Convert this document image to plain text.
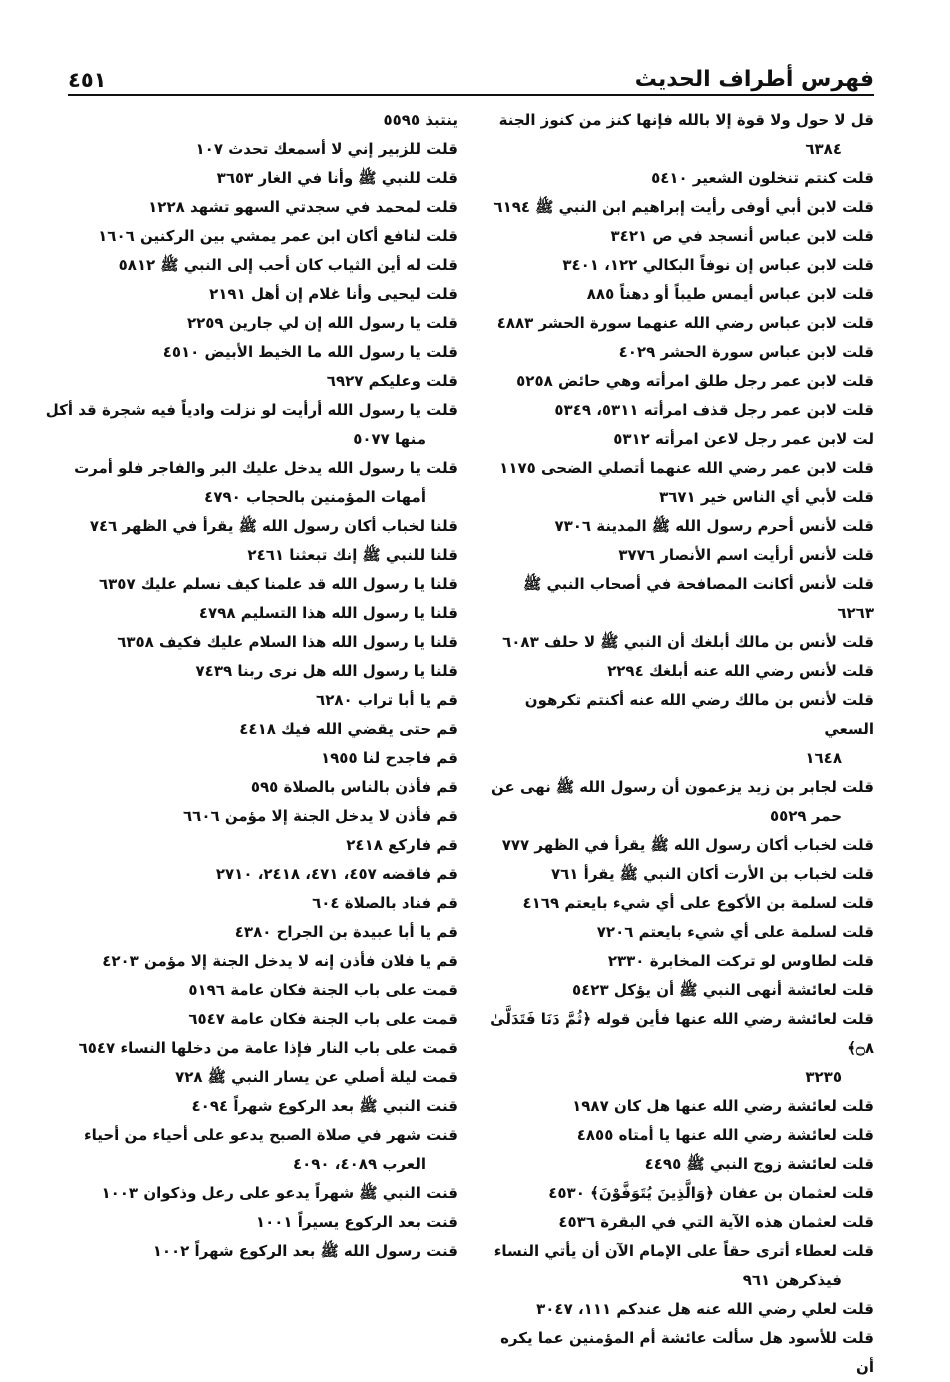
فهرس أطراف الحديث
٤٥١
قل لا حول ولا قوة إلا بالله فإنها كنز من كنوز الجنة
٦٣٨٤
قلت كنتم تنخلون الشعير ٥٤١٠
قلت لابن أبي أوفى رأيت إبراهيم ابن النبي ﷺ ٦١٩٤
قلت لابن عباس أنسجد في ص ٣٤٢١
قلت لابن عباس إن نوفاً البكالي ١٢٢، ٣٤٠١
قلت لابن عباس أيمس طيباً أو دهناً ٨٨٥
قلت لابن عباس رضي الله عنهما سورة الحشر ٤٨٨٣
قلت لابن عباس سورة الحشر ٤٠٢٩
قلت لابن عمر رجل طلق امرأته وهي حائض ٥٢٥٨
قلت لابن عمر رجل قذف امرأته ٥٣١١، ٥٣٤٩
لت لابن عمر رجل لاعن امرأته ٥٣١٢
قلت لابن عمر رضي الله عنهما أتصلي الضحى ١١٧٥
قلت لأبي أي الناس خير ٣٦٧١
قلت لأنس أحرم رسول الله ﷺ المدينة ٧٣٠٦
قلت لأنس أرأيت اسم الأنصار ٣٧٧٦
قلت لأنس أكانت المصافحة في أصحاب النبي ﷺ ٦٢٦٣
قلت لأنس بن مالك أبلغك أن النبي ﷺ لا حلف ٦٠٨٣
قلت لأنس رضي الله عنه أبلغك ٢٢٩٤
قلت لأنس بن مالك رضي الله عنه أكنتم تكرهون السعي
١٦٤٨
قلت لجابر بن زيد يزعمون أن رسول الله ﷺ نهى عن
حمر ٥٥٢٩
قلت لخباب أكان رسول الله ﷺ يقرأ في الظهر ٧٧٧
قلت لخباب بن الأرت أكان النبي ﷺ يقرأ ٧٦١
قلت لسلمة بن الأكوع على أي شيء بايعتم ٤١٦٩
قلت لسلمة على أي شيء بايعتم ٧٢٠٦
قلت لطاوس لو تركت المخابرة ٢٣٣٠
قلت لعائشة أنهى النبي ﷺ أن يؤكل ٥٤٢٣
قلت لعائشة رضي الله عنها فأين قوله ﴿ثُمَّ دَنَا فَتَدَلَّىٰ ۝٨﴾
٣٢٣٥
قلت لعائشة رضي الله عنها هل كان ١٩٨٧
قلت لعائشة رضي الله عنها يا أمتاه ٤٨٥٥
قلت لعائشة زوج النبي ﷺ ٤٤٩٥
قلت لعثمان بن عفان ﴿وَالَّذِينَ يُتَوَفَّوْنَ﴾ ٤٥٣٠
قلت لعثمان هذه الآية التي في البقرة ٤٥٣٦
قلت لعطاء أترى حقاً على الإمام الآن أن يأتي النساء
فيذكرهن ٩٦١
قلت لعلي رضي الله عنه هل عندكم ١١١، ٣٠٤٧
قلت للأسود هل سألت عائشة أم المؤمنين عما يكره أن
ينتبذ ٥٥٩٥
قلت للزبير إني لا أسمعك تحدث ١٠٧
قلت للنبي ﷺ وأنا في الغار ٣٦٥٣
قلت لمحمد في سجدتي السهو تشهد ١٢٢٨
قلت لنافع أكان ابن عمر يمشي بين الركنين ١٦٠٦
قلت له أين الثياب كان أحب إلى النبي ﷺ ٥٨١٢
قلت ليحيى وأنا غلام إن أهل ٢١٩١
قلت يا رسول الله إن لي جارين ٢٢٥٩
قلت يا رسول الله ما الخيط الأبيض ٤٥١٠
قلت وعليكم ٦٩٢٧
قلت يا رسول الله أرأيت لو نزلت وادياً فيه شجرة قد أكل
منها ٥٠٧٧
قلت يا رسول الله يدخل عليك البر والفاجر فلو أمرت
أمهات المؤمنين بالحجاب ٤٧٩٠
قلنا لخباب أكان رسول الله ﷺ يقرأ في الظهر ٧٤٦
قلنا للنبي ﷺ إنك تبعثنا ٢٤٦١
قلنا يا رسول الله قد علمنا كيف نسلم عليك ٦٣٥٧
قلنا يا رسول الله هذا التسليم ٤٧٩٨
قلنا يا رسول الله هذا السلام عليك فكيف ٦٣٥٨
قلنا يا رسول الله هل نرى ربنا ٧٤٣٩
قم يا أبا تراب ٦٢٨٠
قم حتى يقضي الله فيك ٤٤١٨
قم فاجدح لنا ١٩٥٥
قم فأذن بالناس بالصلاة ٥٩٥
قم فأذن لا يدخل الجنة إلا مؤمن ٦٦٠٦
قم فاركع ٢٤١٨
قم فاقضه ٤٥٧، ٤٧١، ٢٤١٨، ٢٧١٠
قم فناد بالصلاة ٦٠٤
قم يا أبا عبيدة بن الجراح ٤٣٨٠
قم يا فلان فأذن إنه لا يدخل الجنة إلا مؤمن ٤٢٠٣
قمت على باب الجنة فكان عامة ٥١٩٦
قمت على باب الجنة فكان عامة ٦٥٤٧
قمت على باب النار فإذا عامة من دخلها النساء ٦٥٤٧
قمت ليلة أصلي عن يسار النبي ﷺ ٧٢٨
قنت النبي ﷺ بعد الركوع شهراً ٤٠٩٤
قنت شهر في صلاة الصبح يدعو على أحياء من أحياء
العرب ٤٠٨٩، ٤٠٩٠
قنت النبي ﷺ شهراً يدعو على رعل وذكوان ١٠٠٣
قنت بعد الركوع يسيراً ١٠٠١
قنت رسول الله ﷺ بعد الركوع شهراً ١٠٠٢
